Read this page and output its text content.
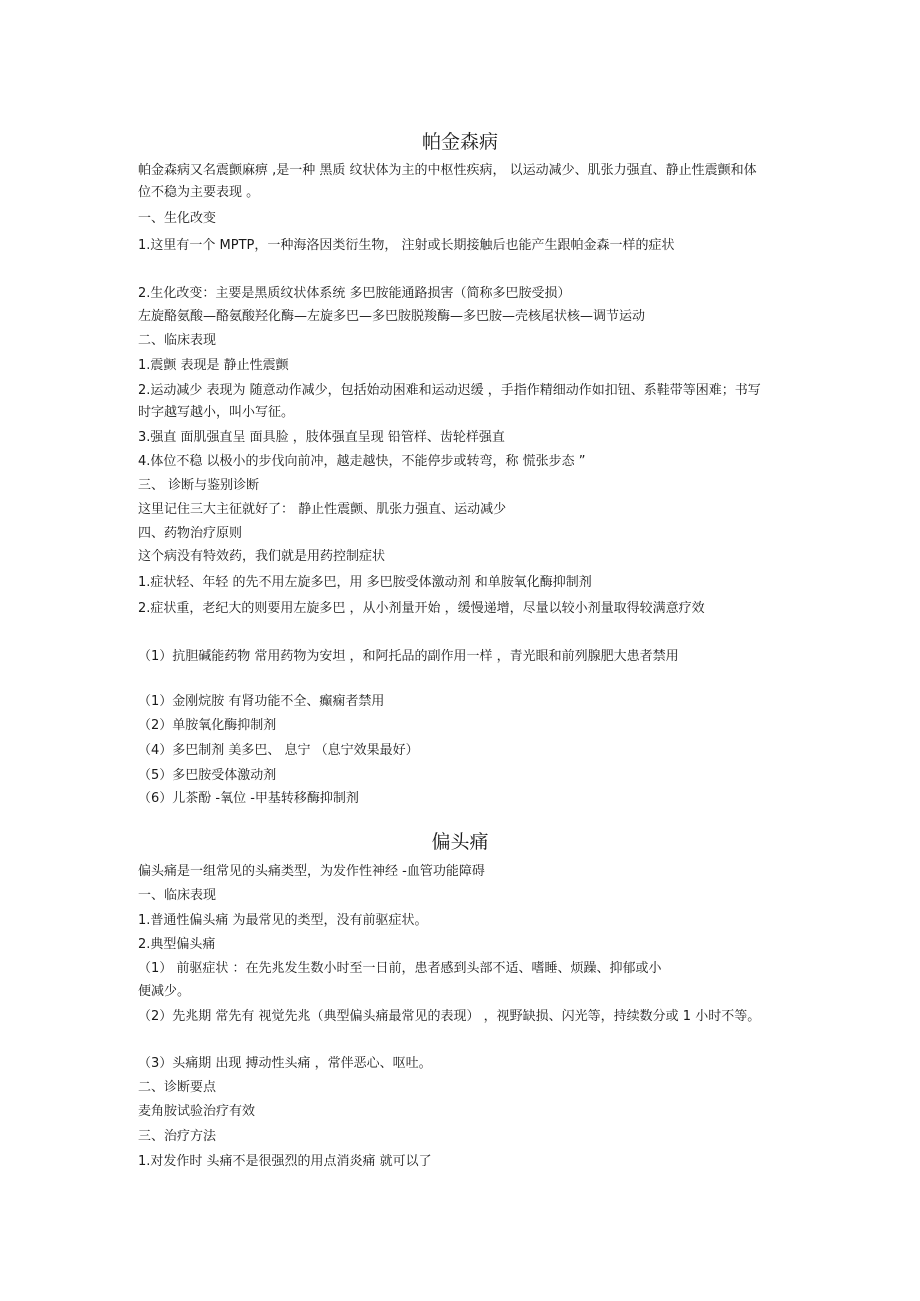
帕金森病

帕金森病又名震颤麻痹 ,是一种 黑质 纹状体为主的中枢性疾病， 以运动减少、肌张力强直、静止性震颤和体位不稳为主要表现 。

一、生化改变

1.这里有一个 MPTP，一种海洛因类衍生物， 注射或长期接触后也能产生跟帕金森一样的症状

2.生化改变：主要是黑质纹状体系统 多巴胺能通路损害（简称多巴胺受损）

左旋酪氨酸—酪氨酸羟化酶—左旋多巴—多巴胺脱羧酶—多巴胺—壳核尾状核—调节运动

二、临床表现

1.震颤 表现是 静止性震颤

2.运动减少 表现为 随意动作减少，包括始动困难和运动迟缓 ，手指作精细动作如扣钮、系鞋带等困难；书写时字越写越小，叫小写征。

3.强直 面肌强直呈 面具脸 ，肢体强直呈现 铅管样、齿轮样强直

4.体位不稳 以极小的步伐向前冲，越走越快，不能停步或转弯，称 慌张步态 ”

三、 诊断与鉴别诊断

这里记住三大主征就好了： 静止性震颤、肌张力强直、运动减少

四、药物治疗原则

这个病没有特效药，我们就是用药控制症状

1.症状轻、年轻 的先不用左旋多巴，用 多巴胺受体激动剂 和单胺氧化酶抑制剂

2.症状重，老纪大的则要用左旋多巴 ，从小剂量开始 ，缓慢递增，尽量以较小剂量取得较满意疗效

（1）抗胆碱能药物 常用药物为安坦 ，和阿托品的副作用一样 ，青光眼和前列腺肥大患者禁用

（1）金刚烷胺 有肾功能不全、癫痫者禁用

（2）单胺氧化酶抑制剂

（4）多巴制剂 美多巴、 息宁 （息宁效果最好）

（5）多巴胺受体激动剂

（6）儿茶酚 -氧位 -甲基转移酶抑制剂

偏头痛

偏头痛是一组常见的头痛类型，为发作性神经 -血管功能障碍

一、临床表现

1.普通性偏头痛 为最常见的类型，没有前驱症状。

2.典型偏头痛

（1） 前驱症状 ：在先兆发生数小时至一日前，患者感到头部不适、嗜睡、烦躁、抑郁或小

便减少。

（2）先兆期 常先有 视觉先兆（典型偏头痛最常见的表现） ，视野缺损、闪光等，持续数分或 1 小时不等。

（3）头痛期 出现 搏动性头痛 ，常伴恶心、呕吐。

二、诊断要点

麦角胺试验治疗有效

三、治疗方法

1.对发作时 头痛不是很强烈的用点消炎痛 就可以了
